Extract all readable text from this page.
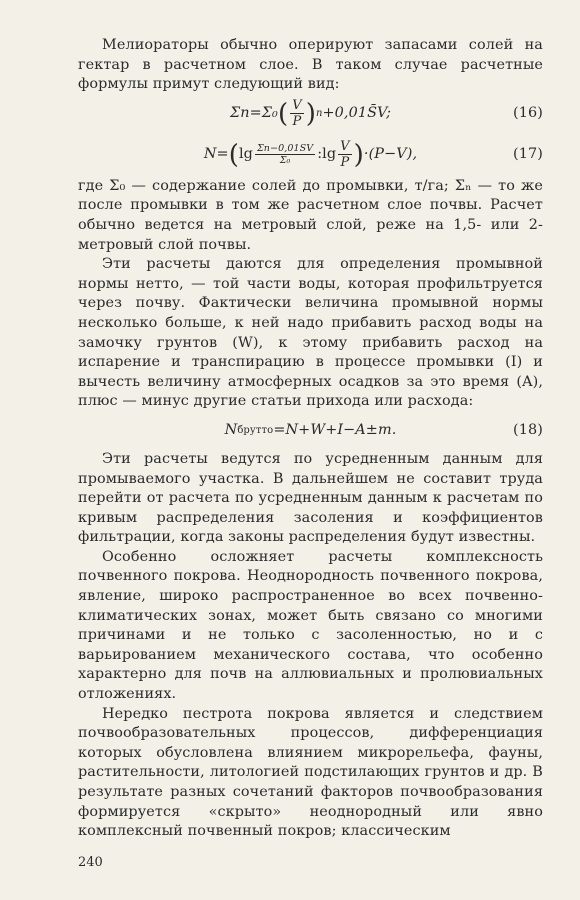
Мелиораторы обычно оперируют запасами солей на гектар в расчетном слое. В таком случае расчетные формулы примут следующий вид:

Σn = Σ₀ ( $\frac{V}{P}$ ) n +0,01S̄V;	(16)
N = ( $\lg \frac{\Sigma n-0,01SV}{\text{Σ₀}}$ : $\lg \frac{V}{P}$ ) ·(P−V),	(17)

где Σ₀ — содержание солей до промывки, т/га; Σₙ — то же после промывки в том же расчетном слое почвы. Расчет обычно ведется на метровый слой, реже на 1,5- или 2-метровый слой почвы.

Эти расчеты даются для определения промывной нормы нетто, — той части воды, которая профильтруется через почву. Фактически величина промывной нормы несколько больше, к ней надо прибавить расход воды на замочку грунтов (W), к этому прибавить расход на испарение и транспирацию в процессе промывки (I) и вычесть величину атмосферных осадков за это время (A), плюс — минус другие статьи прихода или расхода:

N брутто =N+W+I−A±m.	(18)

Эти расчеты ведутся по усредненным данным для промываемого участка. В дальнейшем не составит труда перейти от расчета по усредненным данным к расчетам по кривым распределения засоления и коэффициентов фильтрации, когда законы распределения будут известны.

Особенно осложняет расчеты комплексность почвенного покрова. Неоднородность почвенного покрова, явление, широко распространенное во всех почвенно-климатических зонах, может быть связано со многими причинами и не только с засоленностью, но и с варьированием механического состава, что особенно характерно для почв на аллювиальных и пролювиальных отложениях.

Нередко пестрота покрова является и следствием почвообразовательных процессов, дифференциация которых обусловлена влиянием микрорельефа, фауны, растительности, литологией подстилающих грунтов и др. В результате разных сочетаний факторов почвообразования формируется «скрыто» неоднородный или явно комплексный почвенный покров; классическим

240
